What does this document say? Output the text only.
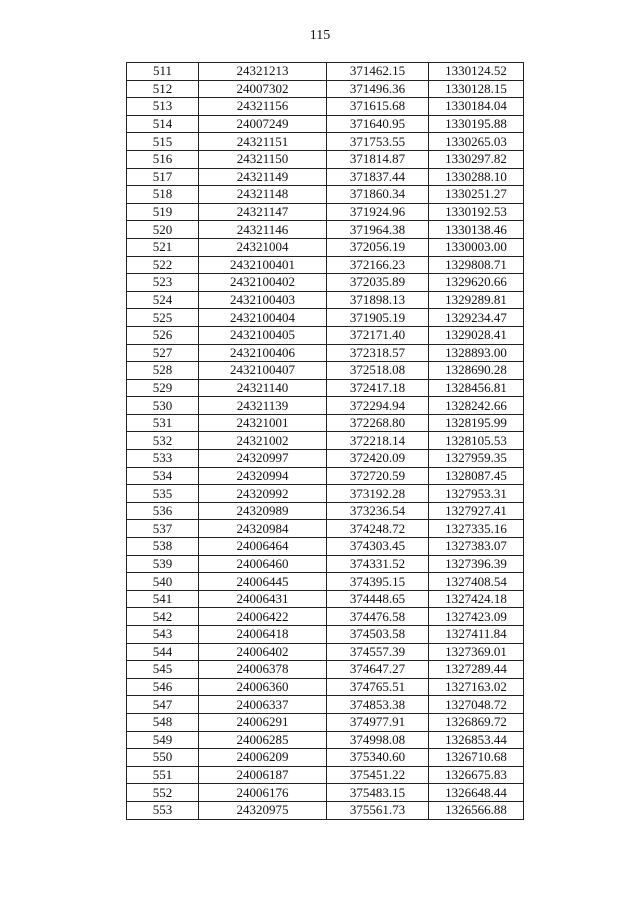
115
511	24321213	371462.15	1330124.52
512	24007302	371496.36	1330128.15
513	24321156	371615.68	1330184.04
514	24007249	371640.95	1330195.88
515	24321151	371753.55	1330265.03
516	24321150	371814.87	1330297.82
517	24321149	371837.44	1330288.10
518	24321148	371860.34	1330251.27
519	24321147	371924.96	1330192.53
520	24321146	371964.38	1330138.46
521	24321004	372056.19	1330003.00
522	2432100401	372166.23	1329808.71
523	2432100402	372035.89	1329620.66
524	2432100403	371898.13	1329289.81
525	2432100404	371905.19	1329234.47
526	2432100405	372171.40	1329028.41
527	2432100406	372318.57	1328893.00
528	2432100407	372518.08	1328690.28
529	24321140	372417.18	1328456.81
530	24321139	372294.94	1328242.66
531	24321001	372268.80	1328195.99
532	24321002	372218.14	1328105.53
533	24320997	372420.09	1327959.35
534	24320994	372720.59	1328087.45
535	24320992	373192.28	1327953.31
536	24320989	373236.54	1327927.41
537	24320984	374248.72	1327335.16
538	24006464	374303.45	1327383.07
539	24006460	374331.52	1327396.39
540	24006445	374395.15	1327408.54
541	24006431	374448.65	1327424.18
542	24006422	374476.58	1327423.09
543	24006418	374503.58	1327411.84
544	24006402	374557.39	1327369.01
545	24006378	374647.27	1327289.44
546	24006360	374765.51	1327163.02
547	24006337	374853.38	1327048.72
548	24006291	374977.91	1326869.72
549	24006285	374998.08	1326853.44
550	24006209	375340.60	1326710.68
551	24006187	375451.22	1326675.83
552	24006176	375483.15	1326648.44
553	24320975	375561.73	1326566.88
